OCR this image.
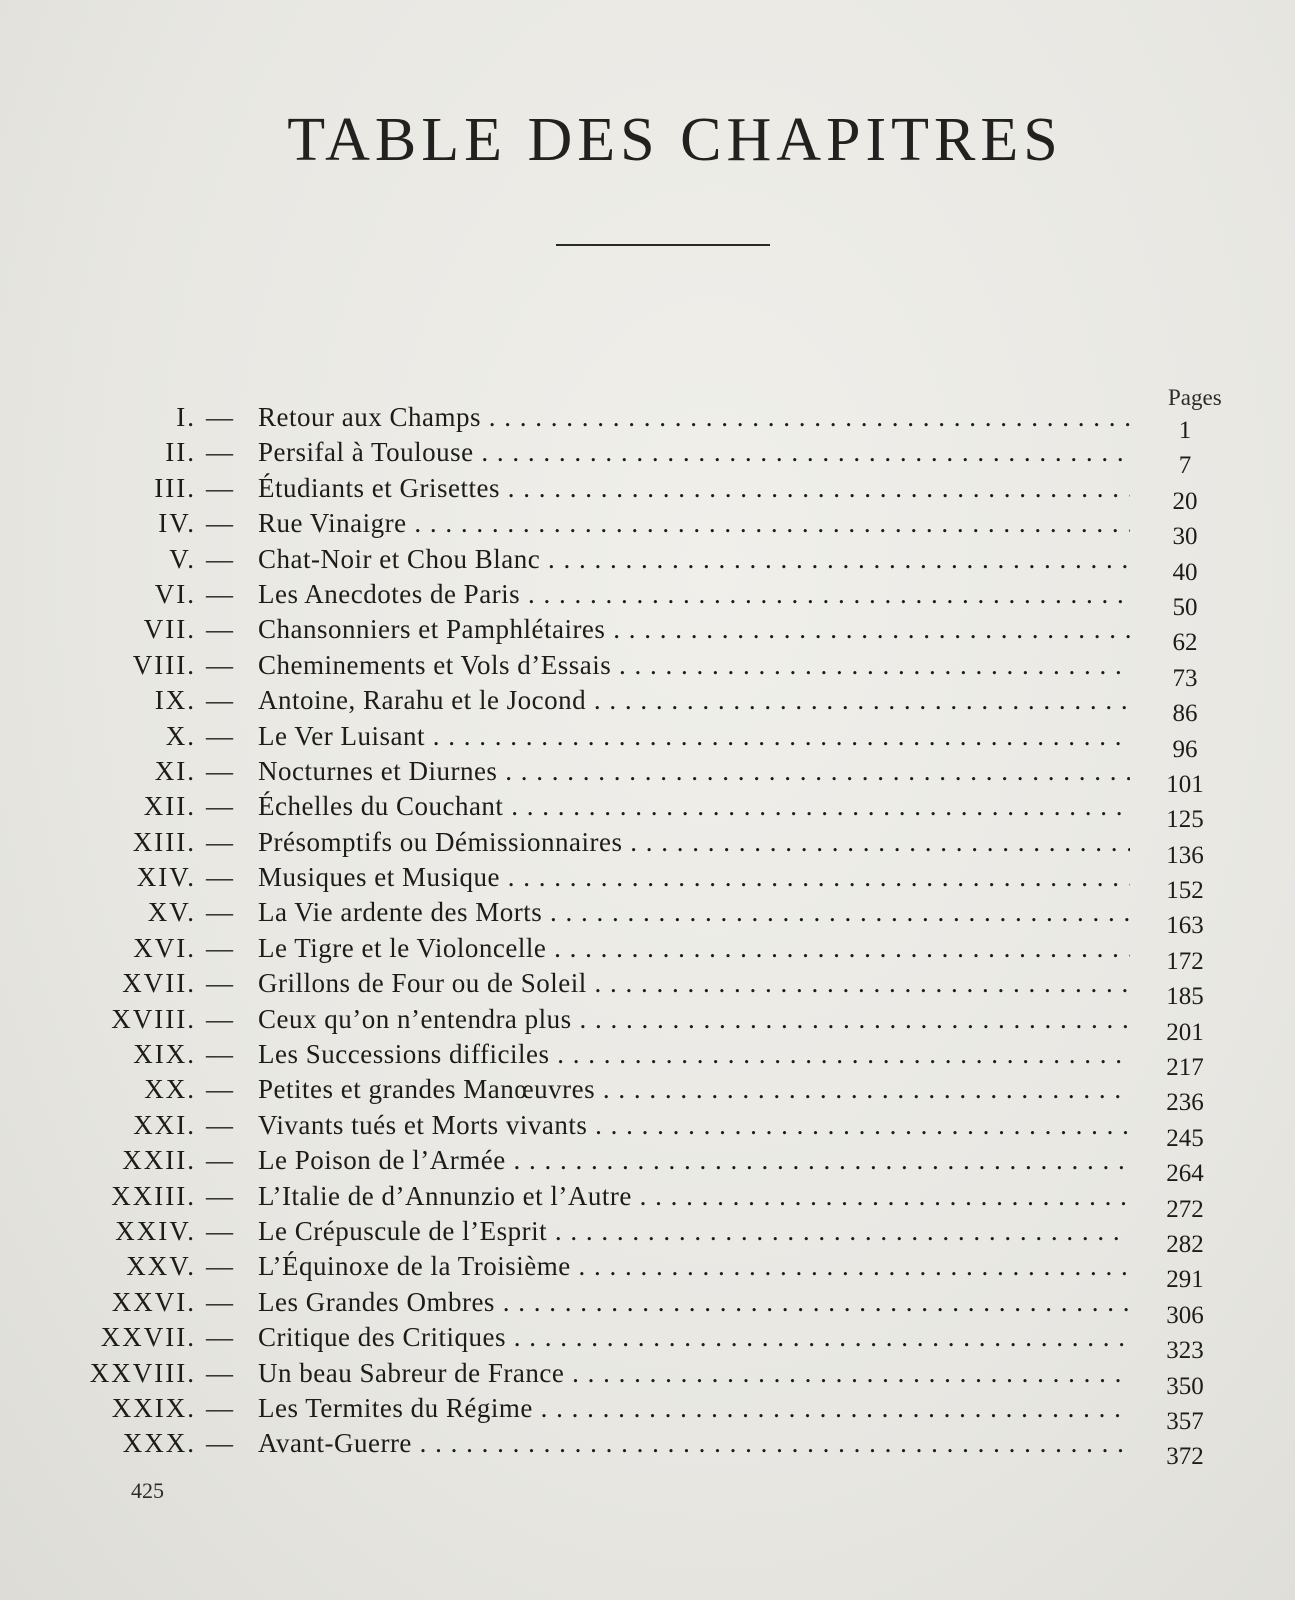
TABLE DES CHAPITRES
Pages
I. — Retour aux Champs . . .	1
II. — Persifal à Toulouse . . .	7
III. — Étudiants et Grisettes . . .	20
IV. — Rue Vinaigre . . .	30
V. — Chat-Noir et Chou Blanc . . .	40
VI. — Les Anecdotes de Paris . . .	50
VII. — Chansonniers et Pamphlétaires . . .	62
VIII. — Cheminements et Vols d’Essais . . .	73
IX. — Antoine, Rarahu et le Jocond . . .	86
X. — Le Ver Luisant . . .	96
XI. — Nocturnes et Diurnes . . .	101
XII. — Échelles du Couchant . . .	125
XIII. — Présomptifs ou Démissionnaires . . .	136
XIV. — Musiques et Musique . . .	152
XV. — La Vie ardente des Morts . . .	163
XVI. — Le Tigre et le Violoncelle . . .	172
XVII. — Grillons de Four ou de Soleil . . .	185
XVIII. — Ceux qu’on n’entendra plus . . .	201
XIX. — Les Successions difficiles . . .	217
XX. — Petites et grandes Manœuvres . . .	236
XXI. — Vivants tués et Morts vivants . . .	245
XXII. — Le Poison de l’Armée . . .	264
XXIII. — L’Italie de d’Annunzio et l’Autre . . .	272
XXIV. — Le Crépuscule de l’Esprit . . .	282
XXV. — L’Équinoxe de la Troisième . . .	291
XXVI. — Les Grandes Ombres . . .	306
XXVII. — Critique des Critiques . . .	323
XXVIII. — Un beau Sabreur de France . . .	350
XXIX. — Les Termites du Régime . . .	357
XXX. — Avant-Guerre . . .	372
425
